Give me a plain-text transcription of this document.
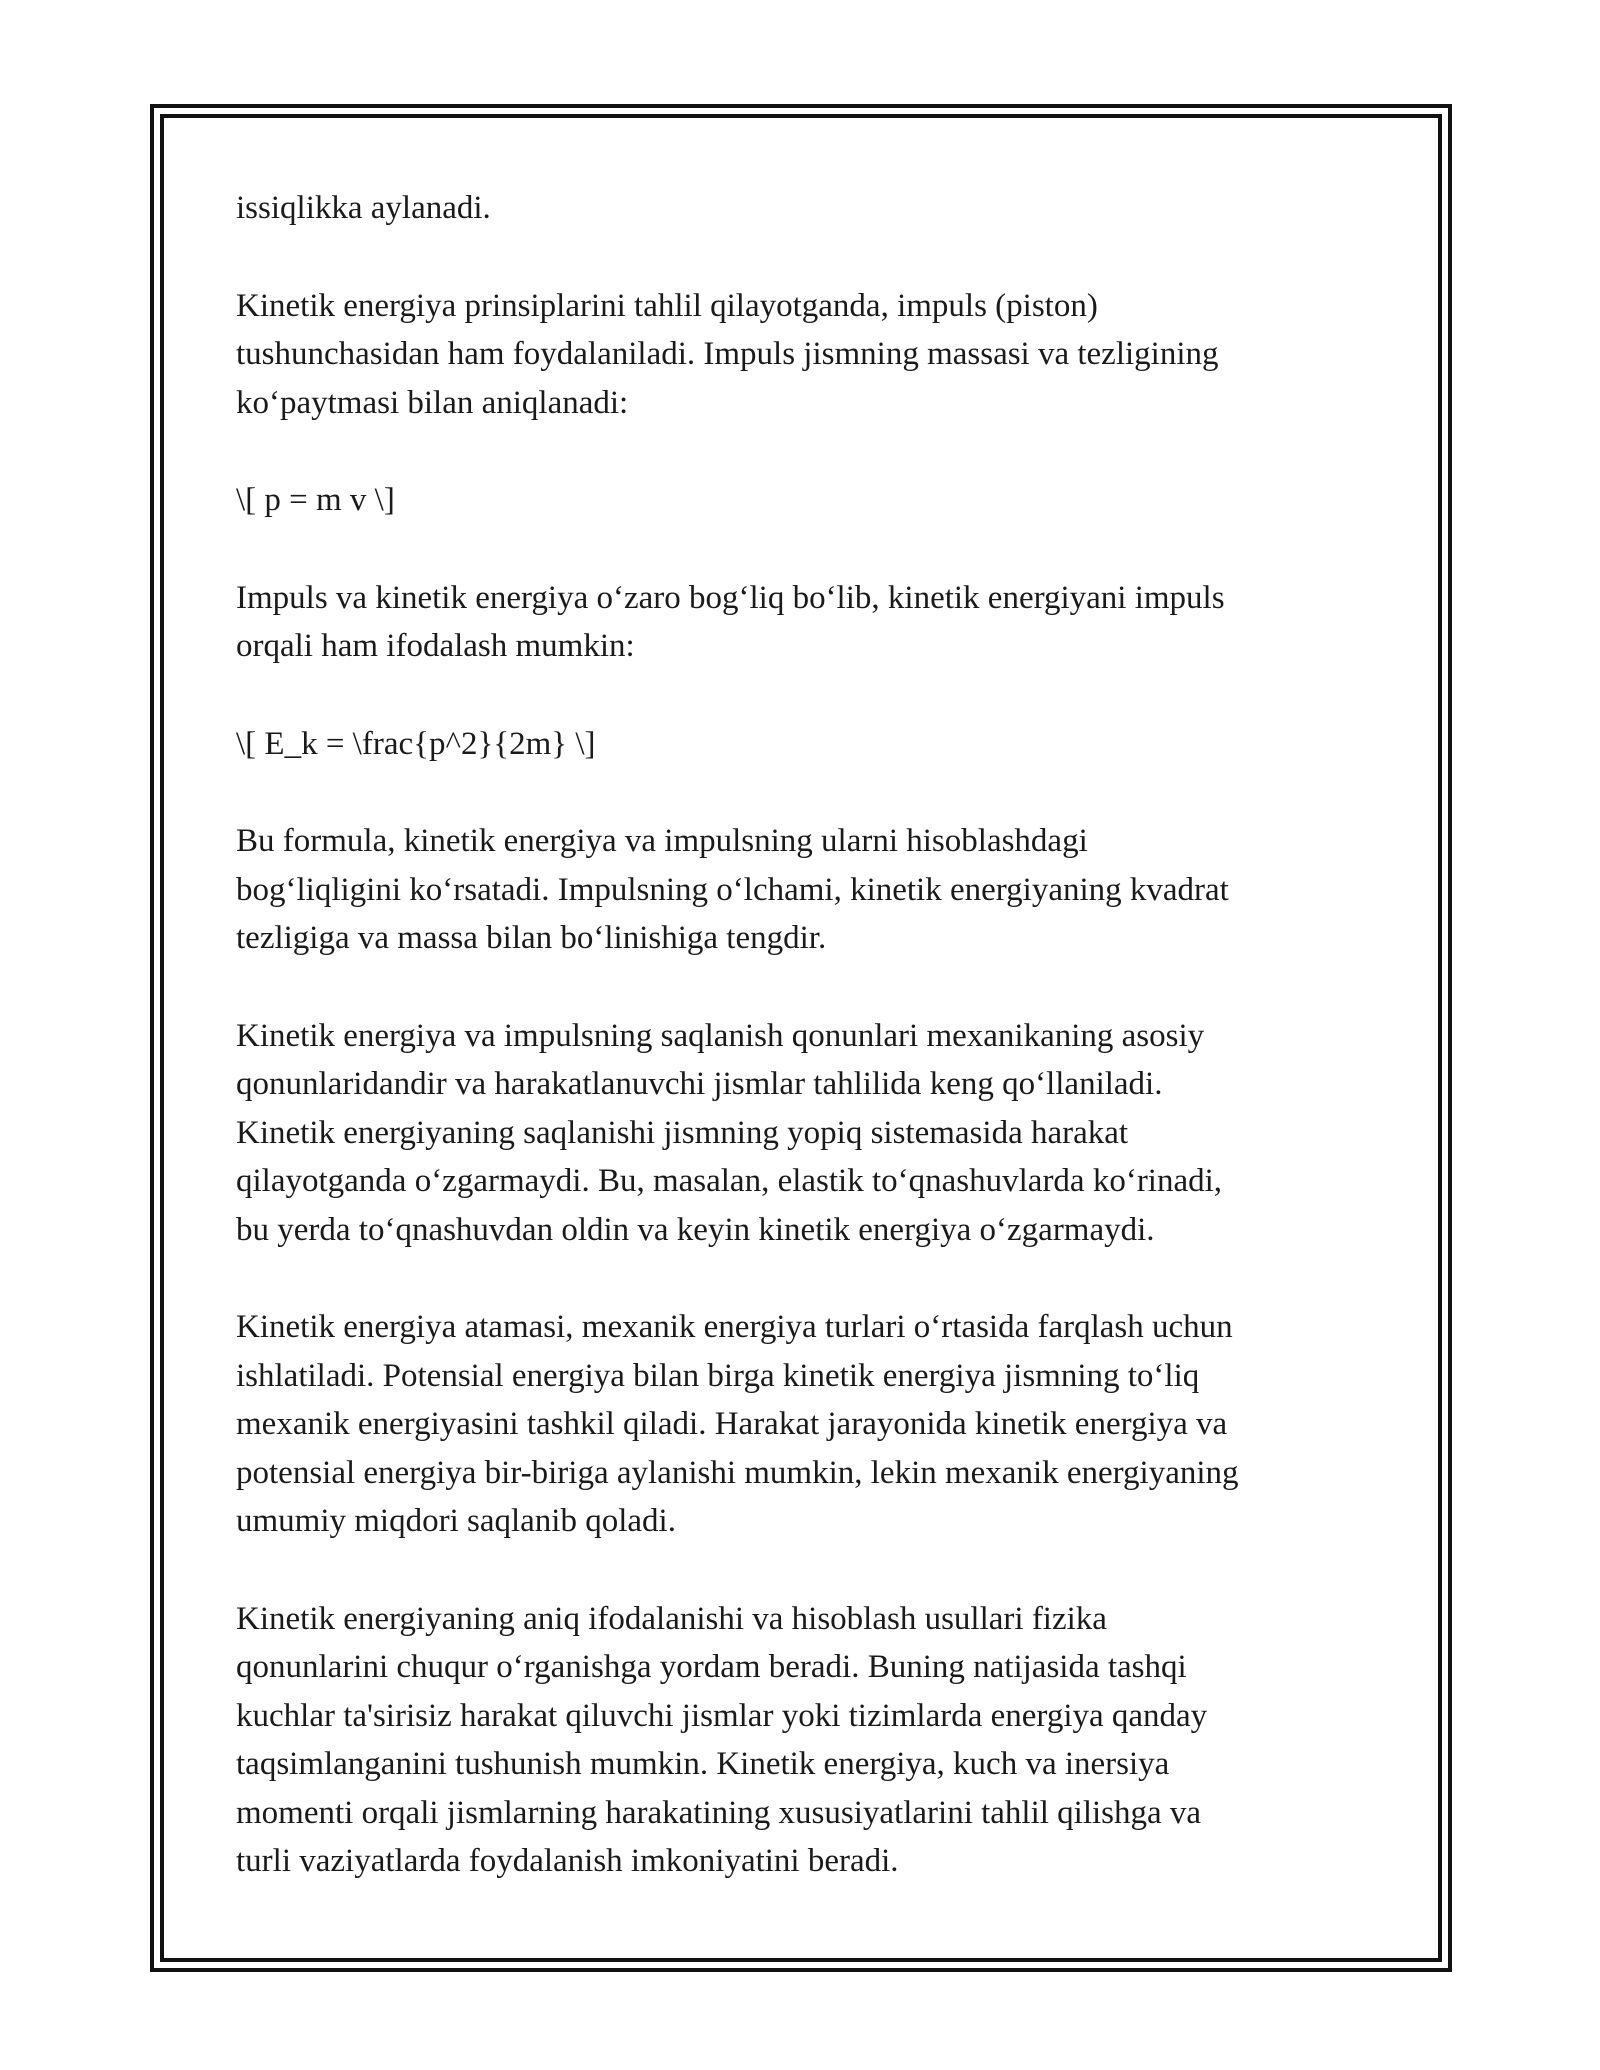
issiqlikka aylanadi.

Kinetik energiya prinsiplarini tahlil qilayotganda, impuls (piston)
tushunchasidan ham foydalaniladi. Impuls jismning massasi va tezligining
ko‘paytmasi bilan aniqlanadi:

\[ p = m v \]

Impuls va kinetik energiya o‘zaro bog‘liq bo‘lib, kinetik energiyani impuls
orqali ham ifodalash mumkin:

\[ E_k = \frac{p^2}{2m} \]

Bu formula, kinetik energiya va impulsning ularni hisoblashdagi
bog‘liqligini ko‘rsatadi. Impulsning o‘lchami, kinetik energiyaning kvadrat
tezligiga va massa bilan bo‘linishiga tengdir.

Kinetik energiya va impulsning saqlanish qonunlari mexanikaning asosiy
qonunlaridandir va harakatlanuvchi jismlar tahlilida keng qo‘llaniladi.
Kinetik energiyaning saqlanishi jismning yopiq sistemasida harakat
qilayotganda o‘zgarmaydi. Bu, masalan, elastik to‘qnashuvlarda ko‘rinadi,
bu yerda to‘qnashuvdan oldin va keyin kinetik energiya o‘zgarmaydi.

Kinetik energiya atamasi, mexanik energiya turlari o‘rtasida farqlash uchun
ishlatiladi. Potensial energiya bilan birga kinetik energiya jismning to‘liq
mexanik energiyasini tashkil qiladi. Harakat jarayonida kinetik energiya va
potensial energiya bir-biriga aylanishi mumkin, lekin mexanik energiyaning
umumiy miqdori saqlanib qoladi.

Kinetik energiyaning aniq ifodalanishi va hisoblash usullari fizika
qonunlarini chuqur o‘rganishga yordam beradi. Buning natijasida tashqi
kuchlar ta'sirisiz harakat qiluvchi jismlar yoki tizimlarda energiya qanday
taqsimlanganini tushunish mumkin. Kinetik energiya, kuch va inersiya
momenti orqali jismlarning harakatining xususiyatlarini tahlil qilishga va
turli vaziyatlarda foydalanish imkoniyatini beradi.
